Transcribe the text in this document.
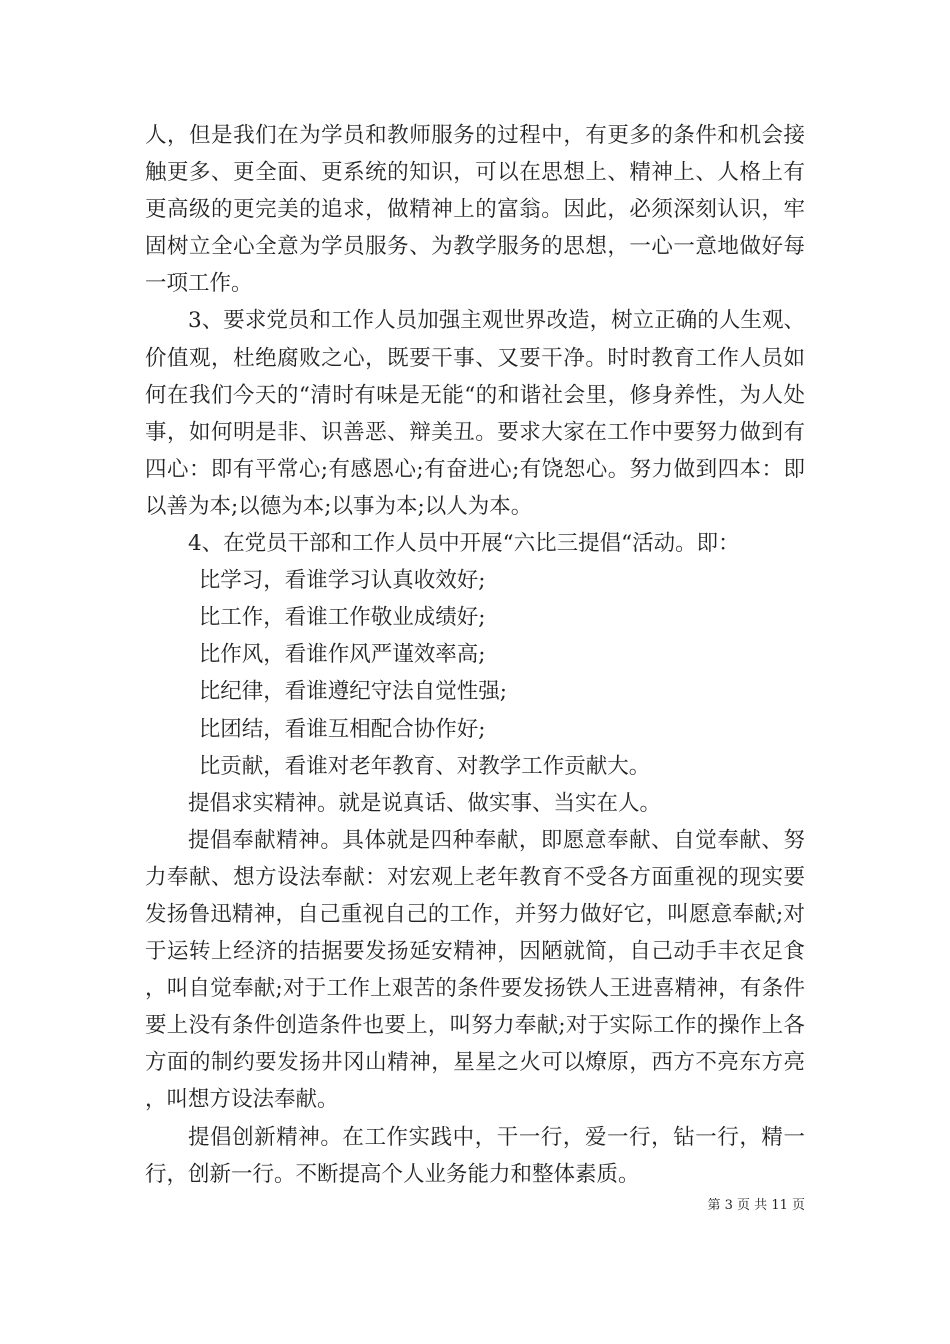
人，但是我们在为学员和教师服务的过程中，有更多的条件和机会接触更多、更全面、更系统的知识，可以在思想上、精神上、人格上有更高级的更完美的追求，做精神上的富翁。因此，必须深刻认识，牢固树立全心全意为学员服务、为教学服务的思想，一心一意地做好每一项工作。

3、要求党员和工作人员加强主观世界改造，树立正确的人生观、价值观，杜绝腐败之心，既要干事、又要干净。时时教育工作人员如何在我们今天的“清时有味是无能“的和谐社会里，修身养性，为人处事，如何明是非、识善恶、辩美丑。要求大家在工作中要努力做到有四心：即有平常心;有感恩心;有奋进心;有饶恕心。努力做到四本：即以善为本;以德为本;以事为本;以人为本。

4、在党员干部和工作人员中开展“六比三提倡“活动。即：

比学习，看谁学习认真收效好;

比工作，看谁工作敬业成绩好;

比作风，看谁作风严谨效率高;

比纪律，看谁遵纪守法自觉性强;

比团结，看谁互相配合协作好;

比贡献，看谁对老年教育、对教学工作贡献大。

提倡求实精神。就是说真话、做实事、当实在人。

提倡奉献精神。具体就是四种奉献，即愿意奉献、自觉奉献、努力奉献、想方设法奉献：对宏观上老年教育不受各方面重视的现实要发扬鲁迅精神，自己重视自己的工作，并努力做好它，叫愿意奉献;对于运转上经济的拮据要发扬延安精神，因陋就简，自己动手丰衣足食，叫自觉奉献;对于工作上艰苦的条件要发扬铁人王进喜精神，有条件要上没有条件创造条件也要上，叫努力奉献;对于实际工作的操作上各方面的制约要发扬井冈山精神，星星之火可以燎原，西方不亮东方亮，叫想方设法奉献。

提倡创新精神。在工作实践中，干一行，爱一行，钻一行，精一行，创新一行。不断提高个人业务能力和整体素质。

第 3 页 共 11 页
